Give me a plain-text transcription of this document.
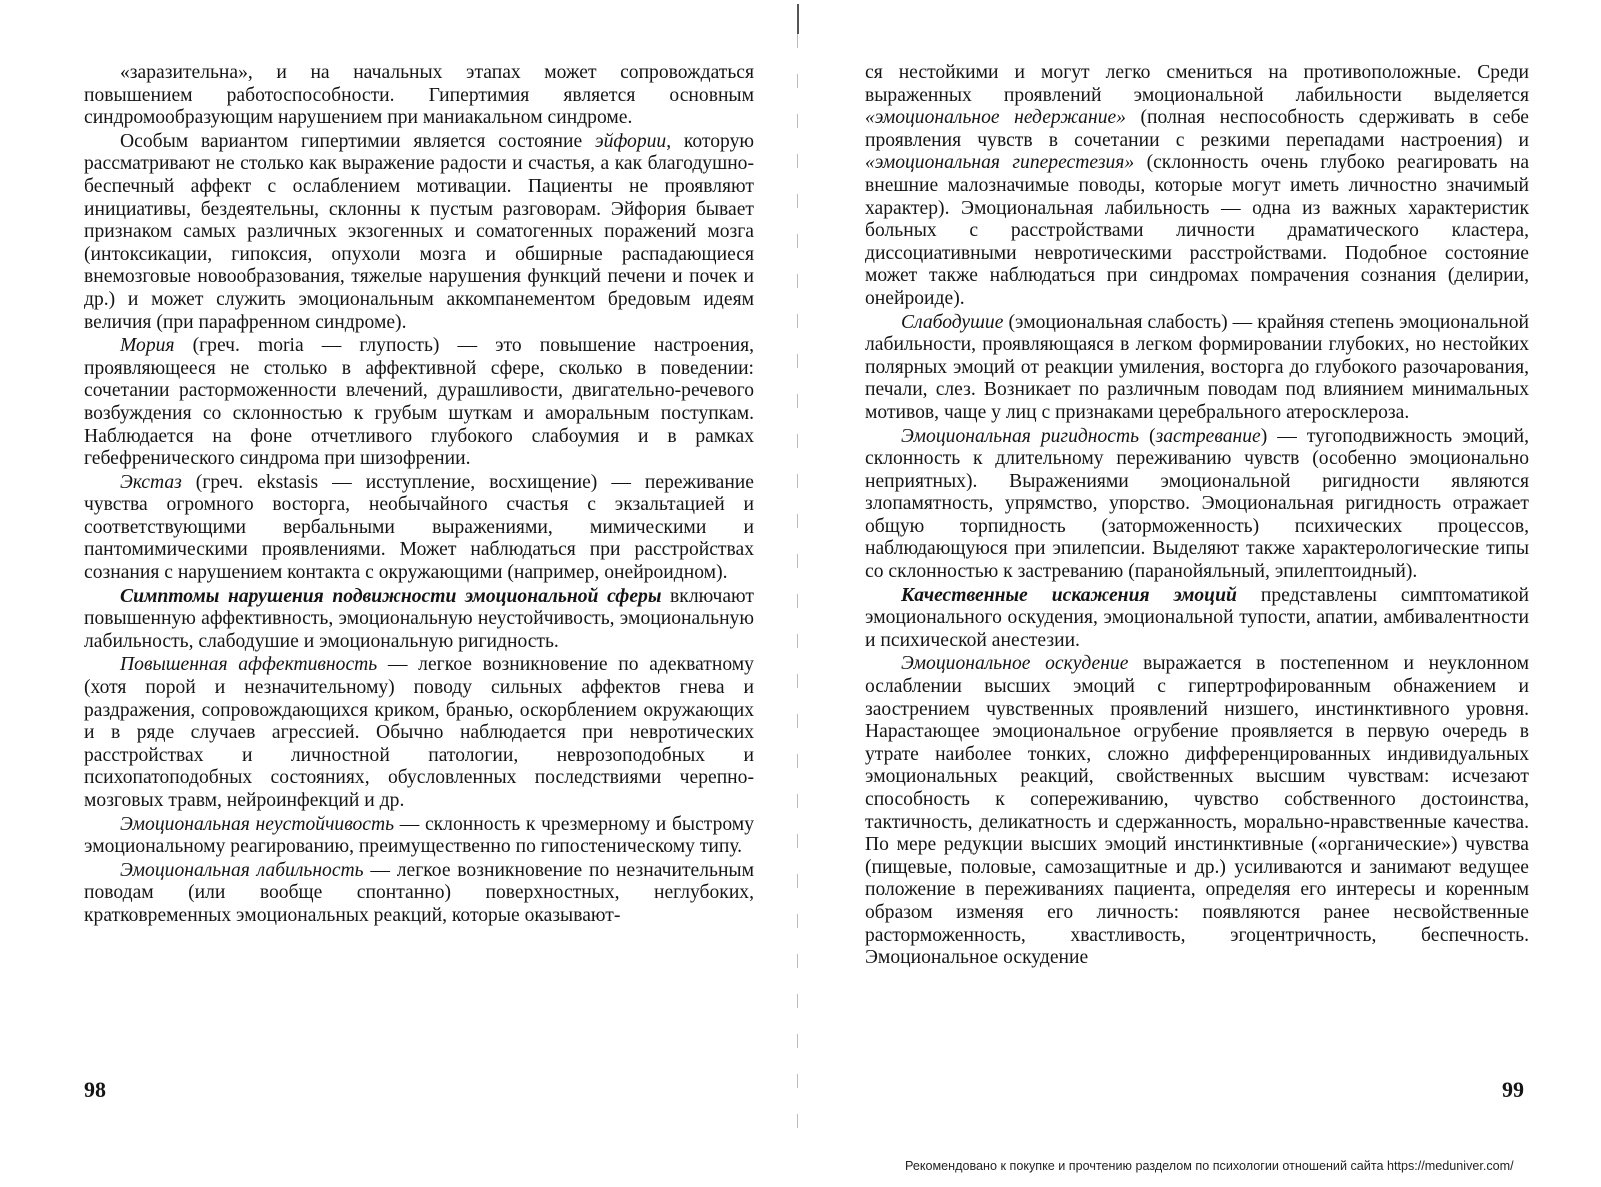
«заразительна», и на начальных этапах может сопровождаться повышением работоспособности. Гипертимия является основным синдромообразующим нарушением при маниакальном синдроме.

Особым вариантом гипертимии является состояние эйфории, которую рассматривают не столько как выражение радости и счастья, а как благодушно-беспечный аффект с ослаблением мотивации. Пациенты не проявляют инициативы, бездеятельны, склонны к пустым разговорам. Эйфория бывает признаком самых различных экзогенных и соматогенных поражений мозга (интоксикации, гипоксия, опухоли мозга и обширные распадающиеся внемозговые новообразования, тяжелые нарушения функций печени и почек и др.) и может служить эмоциональным аккомпанементом бредовым идеям величия (при парафренном синдроме).

Мория (греч. moria — глупость) — это повышение настроения, проявляющееся не столько в аффективной сфере, сколько в поведении: сочетании расторможенности влечений, дурашливости, двигательно-речевого возбуждения со склонностью к грубым шуткам и аморальным поступкам. Наблюдается на фоне отчетливого глубокого слабоумия и в рамках гебефренического синдрома при шизофрении.

Экстаз (греч. ekstasis — исступление, восхищение) — переживание чувства огромного восторга, необычайного счастья с экзальтацией и соответствующими вербальными выражениями, мимическими и пантомимическими проявлениями. Может наблюдаться при расстройствах сознания с нарушением контакта с окружающими (например, онейроидном).

Симптомы нарушения подвижности эмоциональной сферы включают повышенную аффективность, эмоциональную неустойчивость, эмоциональную лабильность, слабодушие и эмоциональную ригидность.

Повышенная аффективность — легкое возникновение по адекватному (хотя порой и незначительному) поводу сильных аффектов гнева и раздражения, сопровождающихся криком, бранью, оскорблением окружающих и в ряде случаев агрессией. Обычно наблюдается при невротических расстройствах и личностной патологии, неврозоподобных и психопатоподобных состояниях, обусловленных последствиями черепно-мозговых травм, нейроинфекций и др.

Эмоциональная неустойчивость — склонность к чрезмерному и быстрому эмоциональному реагированию, преимущественно по гипостеническому типу.

Эмоциональная лабильность — легкое возникновение по незначительным поводам (или вообще спонтанно) поверхностных, неглубоких, кратковременных эмоциональных реакций, которые оказывают-

ся нестойкими и могут легко смениться на противоположные. Среди выраженных проявлений эмоциональной лабильности выделяется «эмоциональное недержание» (полная неспособность сдерживать в себе проявления чувств в сочетании с резкими перепадами настроения) и «эмоциональная гиперестезия» (склонность очень глубоко реагировать на внешние малозначимые поводы, которые могут иметь личностно значимый характер). Эмоциональная лабильность — одна из важных характеристик больных с расстройствами личности драматического кластера, диссоциативными невротическими расстройствами. Подобное состояние может также наблюдаться при синдромах помрачения сознания (делирии, онейроиде).

Слабодушие (эмоциональная слабость) — крайняя степень эмоциональной лабильности, проявляющаяся в легком формировании глубоких, но нестойких полярных эмоций от реакции умиления, восторга до глубокого разочарования, печали, слез. Возникает по различным поводам под влиянием минимальных мотивов, чаще у лиц с признаками церебрального атеросклероза.

Эмоциональная ригидность (застревание) — тугоподвижность эмоций, склонность к длительному переживанию чувств (особенно эмоционально неприятных). Выражениями эмоциональной ригидности являются злопамятность, упрямство, упорство. Эмоциональная ригидность отражает общую торпидность (заторможенность) психических процессов, наблюдающуюся при эпилепсии. Выделяют также характерологические типы со склонностью к застреванию (паранойяльный, эпилептоидный).

Качественные искажения эмоций представлены симптоматикой эмоционального оскудения, эмоциональной тупости, апатии, амбивалентности и психической анестезии.

Эмоциональное оскудение выражается в постепенном и неуклонном ослаблении высших эмоций с гипертрофированным обнажением и заострением чувственных проявлений низшего, инстинктивного уровня. Нарастающее эмоциональное огрубение проявляется в первую очередь в утрате наиболее тонких, сложно дифференцированных индивидуальных эмоциональных реакций, свойственных высшим чувствам: исчезают способность к сопереживанию, чувство собственного достоинства, тактичность, деликатность и сдержанность, морально-нравственные качества. По мере редукции высших эмоций инстинктивные («органические») чувства (пищевые, половые, самозащитные и др.) усиливаются и занимают ведущее положение в переживаниях пациента, определяя его интересы и коренным образом изменяя его личность: появляются ранее несвойственные расторможенность, хвастливость, эгоцентричность, беспечность. Эмоциональное оскудение

98	99
Рекомендовано к покупке и прочтению разделом по психологии отношений сайта https://meduniver.com/
